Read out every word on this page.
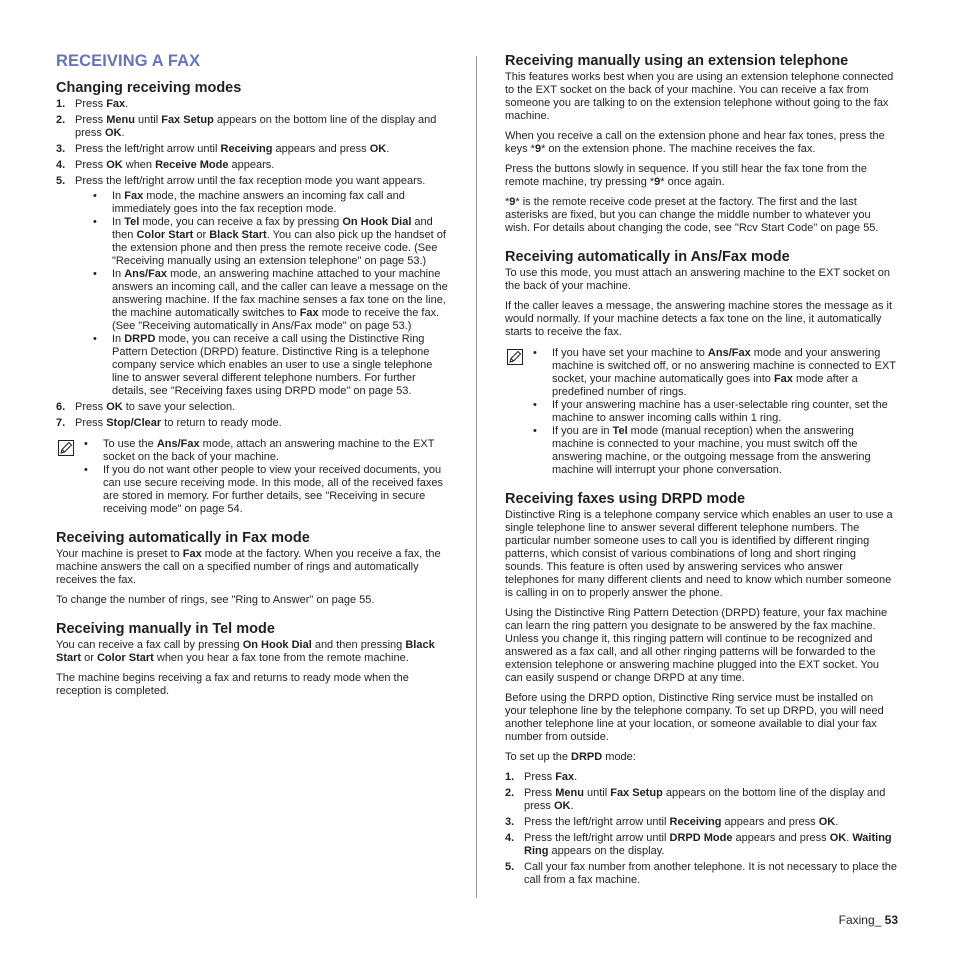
RECEIVING A FAX
Changing receiving modes
1. Press Fax.
2. Press Menu until Fax Setup appears on the bottom line of the display and press OK.
3. Press the left/right arrow until Receiving appears and press OK.
4. Press OK when Receive Mode appears.
5. Press the left/right arrow until the fax reception mode you want appears.
• In Fax mode, the machine answers an incoming fax call and immediately goes into the fax reception mode.
• In Tel mode, you can receive a fax by pressing On Hook Dial and then Color Start or Black Start. You can also pick up the handset of the extension phone and then press the remote receive code. (See "Receiving manually using an extension telephone" on page 53.)
• In Ans/Fax mode, an answering machine attached to your machine answers an incoming call, and the caller can leave a message on the answering machine. If the fax machine senses a fax tone on the line, the machine automatically switches to Fax mode to receive the fax. (See "Receiving automatically in Ans/Fax mode" on page 53.)
• In DRPD mode, you can receive a call using the Distinctive Ring Pattern Detection (DRPD) feature. Distinctive Ring is a telephone company service which enables an user to use a single telephone line to answer several different telephone numbers. For further details, see "Receiving faxes using DRPD mode" on page 53.
6. Press OK to save your selection.
7. Press Stop/Clear to return to ready mode.
• To use the Ans/Fax mode, attach an answering machine to the EXT socket on the back of your machine.
• If you do not want other people to view your received documents, you can use secure receiving mode. In this mode, all of the received faxes are stored in memory. For further details, see "Receiving in secure receiving mode" on page 54.
Receiving automatically in Fax mode

Your machine is preset to Fax mode at the factory. When you receive a fax, the machine answers the call on a specified number of rings and automatically receives the fax.

To change the number of rings, see "Ring to Answer" on page 55.

Receiving manually in Tel mode

You can receive a fax call by pressing On Hook Dial and then pressing Black Start or Color Start when you hear a fax tone from the remote machine.

The machine begins receiving a fax and returns to ready mode when the reception is completed.

Receiving manually using an extension telephone

This features works best when you are using an extension telephone connected to the EXT socket on the back of your machine. You can receive a fax from someone you are talking to on the extension telephone without going to the fax machine.

When you receive a call on the extension phone and hear fax tones, press the keys *9* on the extension phone. The machine receives the fax.

Press the buttons slowly in sequence. If you still hear the fax tone from the remote machine, try pressing *9* once again.

*9* is the remote receive code preset at the factory. The first and the last asterisks are fixed, but you can change the middle number to whatever you wish. For details about changing the code, see "Rcv Start Code" on page 55.

Receiving automatically in Ans/Fax mode

To use this mode, you must attach an answering machine to the EXT socket on the back of your machine.

If the caller leaves a message, the answering machine stores the message as it would normally. If your machine detects a fax tone on the line, it automatically starts to receive the fax.

• If you have set your machine to Ans/Fax mode and your answering machine is switched off, or no answering machine is connected to EXT socket, your machine automatically goes into Fax mode after a predefined number of rings.
• If your answering machine has a user-selectable ring counter, set the machine to answer incoming calls within 1 ring.
• If you are in Tel mode (manual reception) when the answering machine is connected to your machine, you must switch off the answering machine, or the outgoing message from the answering machine will interrupt your phone conversation.
Receiving faxes using DRPD mode

Distinctive Ring is a telephone company service which enables an user to use a single telephone line to answer several different telephone numbers. The particular number someone uses to call you is identified by different ringing patterns, which consist of various combinations of long and short ringing sounds. This feature is often used by answering services who answer telephones for many different clients and need to know which number someone is calling in on to properly answer the phone.

Using the Distinctive Ring Pattern Detection (DRPD) feature, your fax machine can learn the ring pattern you designate to be answered by the fax machine. Unless you change it, this ringing pattern will continue to be recognized and answered as a fax call, and all other ringing patterns will be forwarded to the extension telephone or answering machine plugged into the EXT socket. You can easily suspend or change DRPD at any time.

Before using the DRPD option, Distinctive Ring service must be installed on your telephone line by the telephone company. To set up DRPD, you will need another telephone line at your location, or someone available to dial your fax number from outside.

To set up the DRPD mode:

1. Press Fax.
2. Press Menu until Fax Setup appears on the bottom line of the display and press OK.
3. Press the left/right arrow until Receiving appears and press OK.
4. Press the left/right arrow until DRPD Mode appears and press OK. Waiting Ring appears on the display.
5. Call your fax number from another telephone. It is not necessary to place the call from a fax machine.
Faxing_ 53
